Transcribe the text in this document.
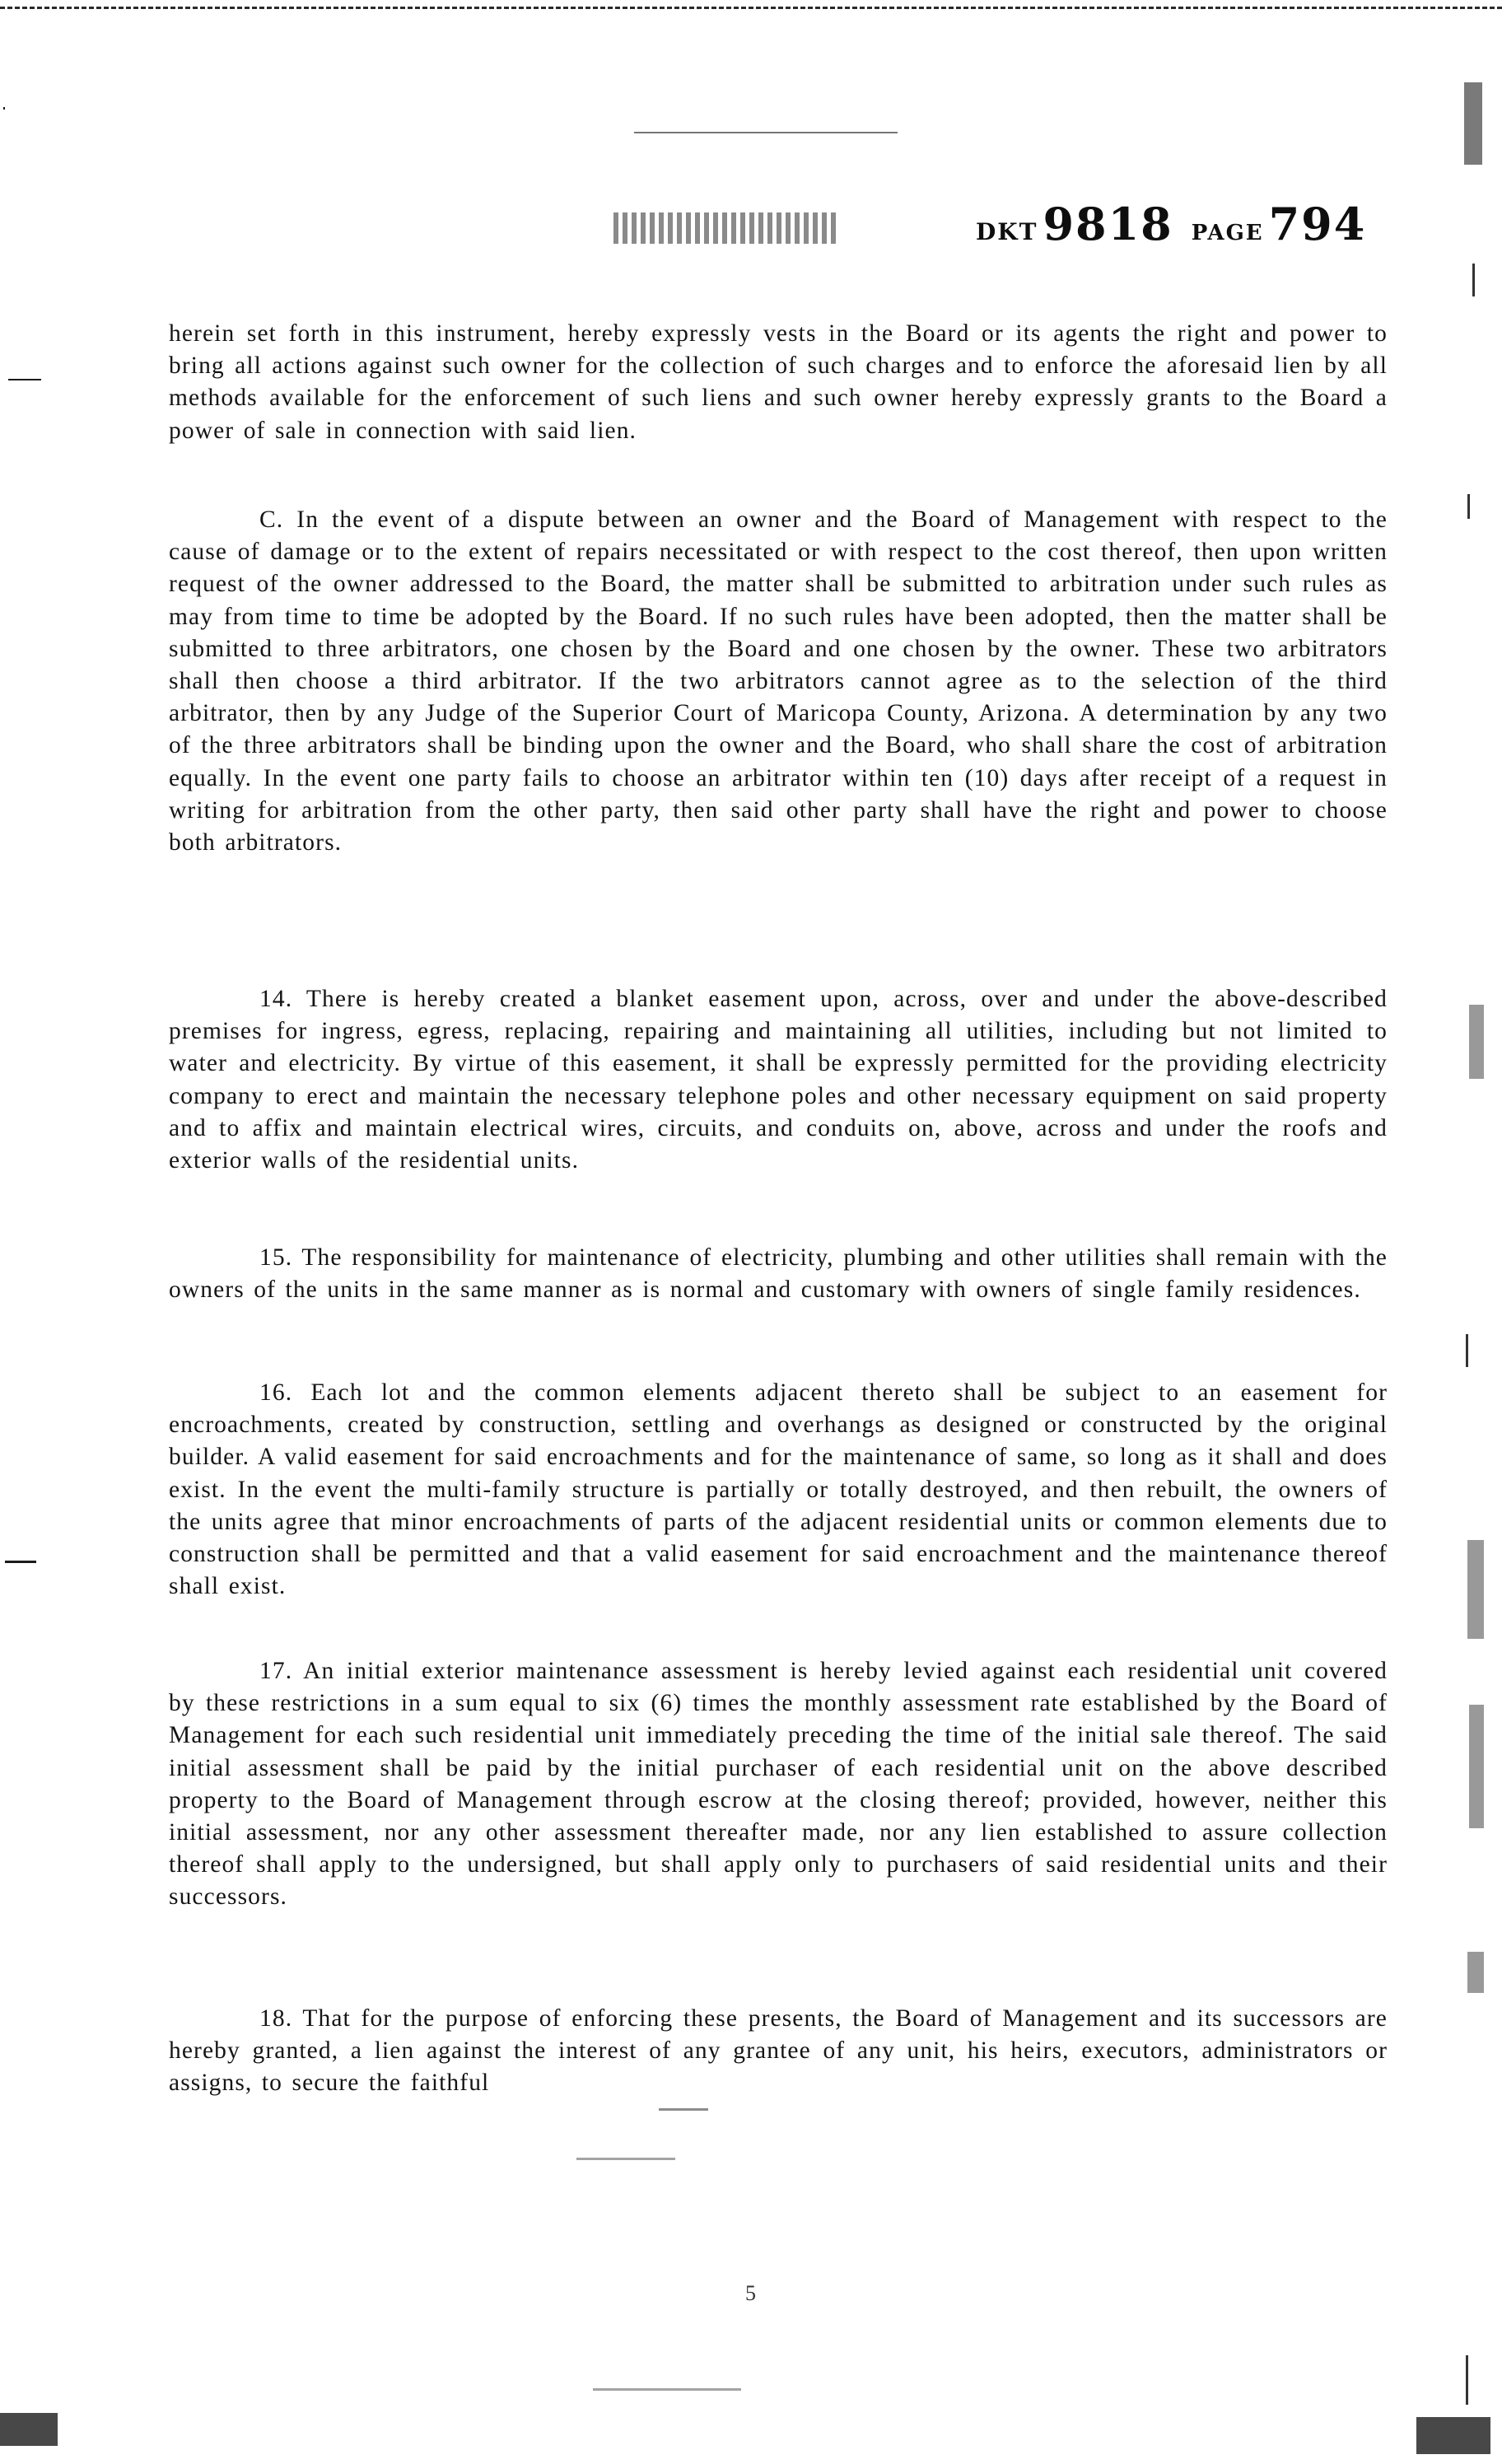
DKT 9818 PAGE 794

herein set forth in this instrument, hereby expressly vests in the Board or its agents the right and power to bring all actions against such owner for the collection of such charges and to enforce the aforesaid lien by all methods available for the enforcement of such liens and such owner hereby expressly grants to the Board a power of sale in connection with said lien.

C. In the event of a dispute between an owner and the Board of Management with respect to the cause of damage or to the extent of repairs necessitated or with respect to the cost thereof, then upon written request of the owner addressed to the Board, the matter shall be submitted to arbitration under such rules as may from time to time be adopted by the Board. If no such rules have been adopted, then the matter shall be submitted to three arbitrators, one chosen by the Board and one chosen by the owner. These two arbitrators shall then choose a third arbitrator. If the two arbitrators cannot agree as to the selection of the third arbitrator, then by any Judge of the Superior Court of Maricopa County, Arizona. A determination by any two of the three arbitrators shall be binding upon the owner and the Board, who shall share the cost of arbitration equally. In the event one party fails to choose an arbitrator within ten (10) days after receipt of a request in writing for arbitration from the other party, then said other party shall have the right and power to choose both arbitrators.

14. There is hereby created a blanket easement upon, across, over and under the above-described premises for ingress, egress, replacing, repairing and maintaining all utilities, including but not limited to water and electricity. By virtue of this easement, it shall be expressly permitted for the providing electricity company to erect and maintain the necessary telephone poles and other necessary equipment on said property and to affix and maintain electrical wires, circuits, and conduits on, above, across and under the roofs and exterior walls of the residential units.

15. The responsibility for maintenance of electricity, plumbing and other utilities shall remain with the owners of the units in the same manner as is normal and customary with owners of single family residences.

16. Each lot and the common elements adjacent thereto shall be subject to an easement for encroachments, created by construction, settling and overhangs as designed or constructed by the original builder. A valid easement for said encroachments and for the maintenance of same, so long as it shall and does exist. In the event the multi-family structure is partially or totally destroyed, and then rebuilt, the owners of the units agree that minor encroachments of parts of the adjacent residential units or common elements due to construction shall be permitted and that a valid easement for said encroachment and the maintenance thereof shall exist.

17. An initial exterior maintenance assessment is hereby levied against each residential unit covered by these restrictions in a sum equal to six (6) times the monthly assessment rate established by the Board of Management for each such residential unit immediately preceding the time of the initial sale thereof. The said initial assessment shall be paid by the initial purchaser of each residential unit on the above described property to the Board of Management through escrow at the closing thereof; provided, however, neither this initial assessment, nor any other assessment thereafter made, nor any lien established to assure collection thereof shall apply to the undersigned, but shall apply only to purchasers of said residential units and their successors.

18. That for the purpose of enforcing these presents, the Board of Management and its successors are hereby granted, a lien against the interest of any grantee of any unit, his heirs, executors, administrators or assigns, to secure the faithful

5
